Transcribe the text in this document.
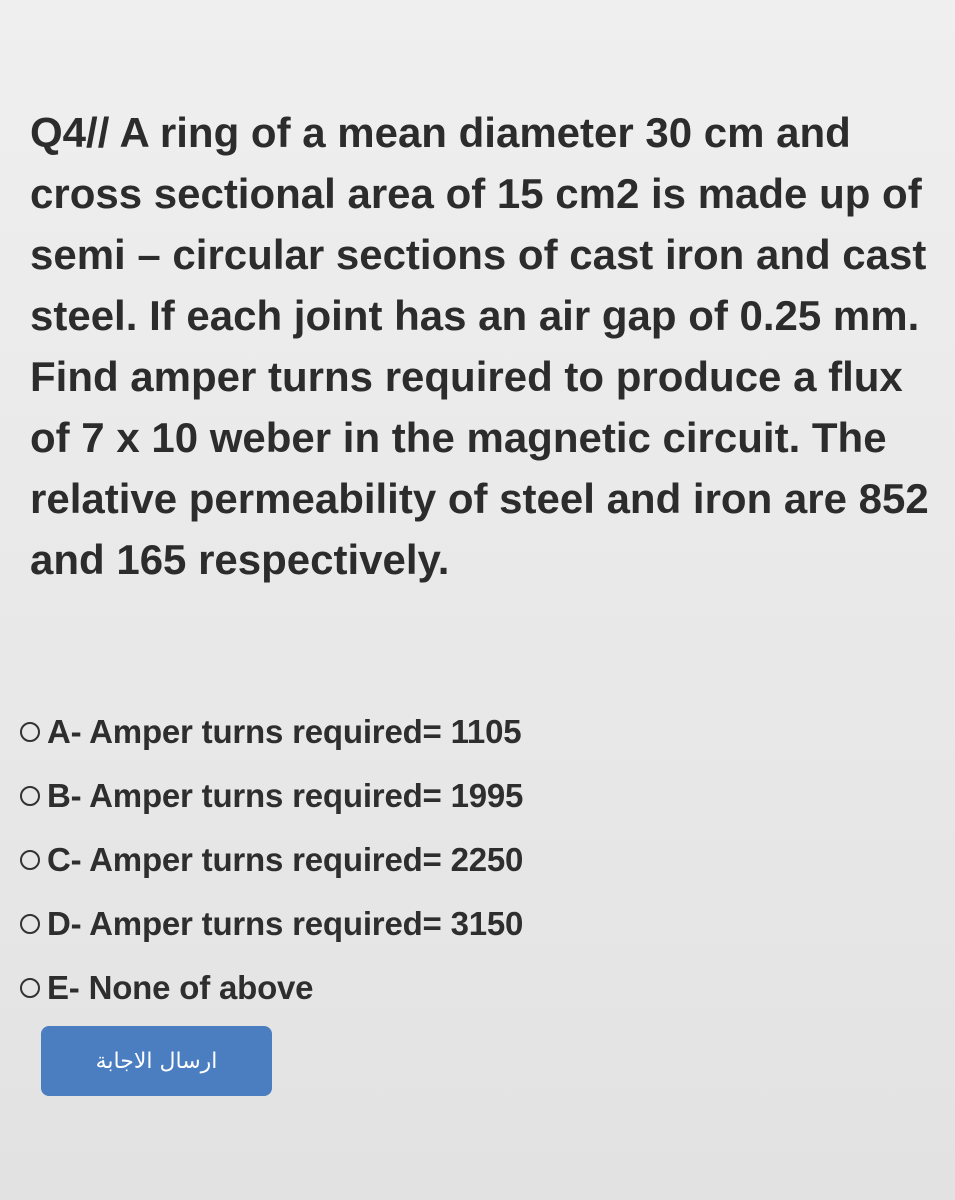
Q4// A ring of a mean diameter 30 cm and cross sectional area of 15 cm2 is made up of semi – circular sections of cast iron and cast steel. If each joint has an air gap of 0.25 mm. Find amper turns required to produce a flux of 7 x 10 weber in the magnetic circuit. The relative permeability of steel and iron are 852 and 165 respectively.

A- Amper turns required= 1105
B- Amper turns required= 1995
C- Amper turns required= 2250
D- Amper turns required= 3150
E- None of above
ارسال الاجابة
